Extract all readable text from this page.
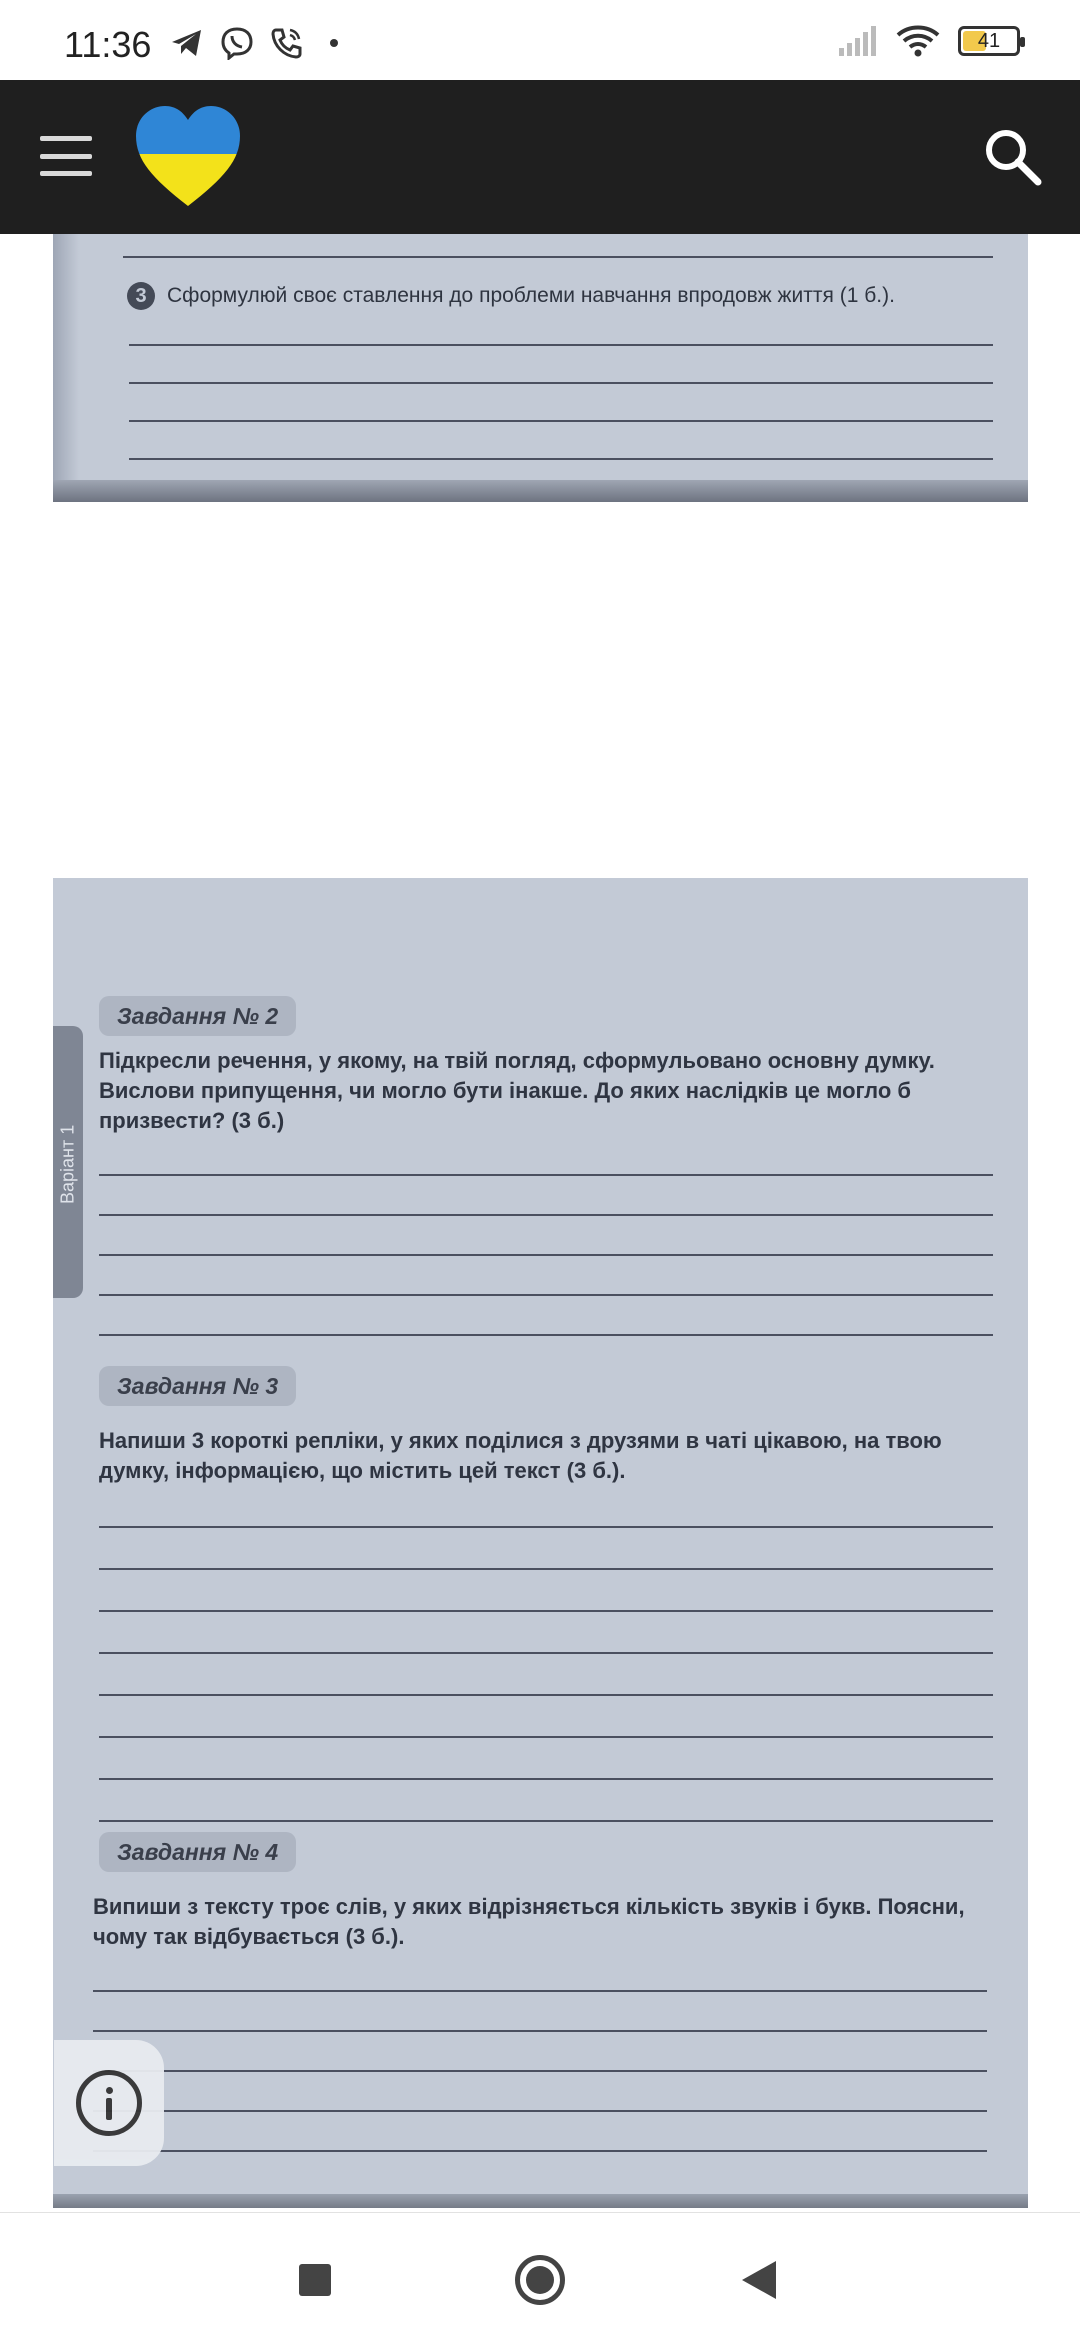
11:36	41
3 Сформулюй своє ставлення до проблеми навчання впродовж життя (1 б.).
Варіант 1
Завдання № 2
Підкресли речення, у якому, на твій погляд, сформульовано основну думку. Вислови припущення, чи могло бути інакше. До яких наслідків це могло б призвести? (3 б.)
Завдання № 3
Напиши 3 короткі репліки, у яких поділися з друзями в чаті цікавою, на твою думку, інформацією, що містить цей текст (3 б.).
Завдання № 4
Випиши з тексту троє слів, у яких відрізняється кількість звуків і букв. Поясни, чому так відбувається (3 б.).
